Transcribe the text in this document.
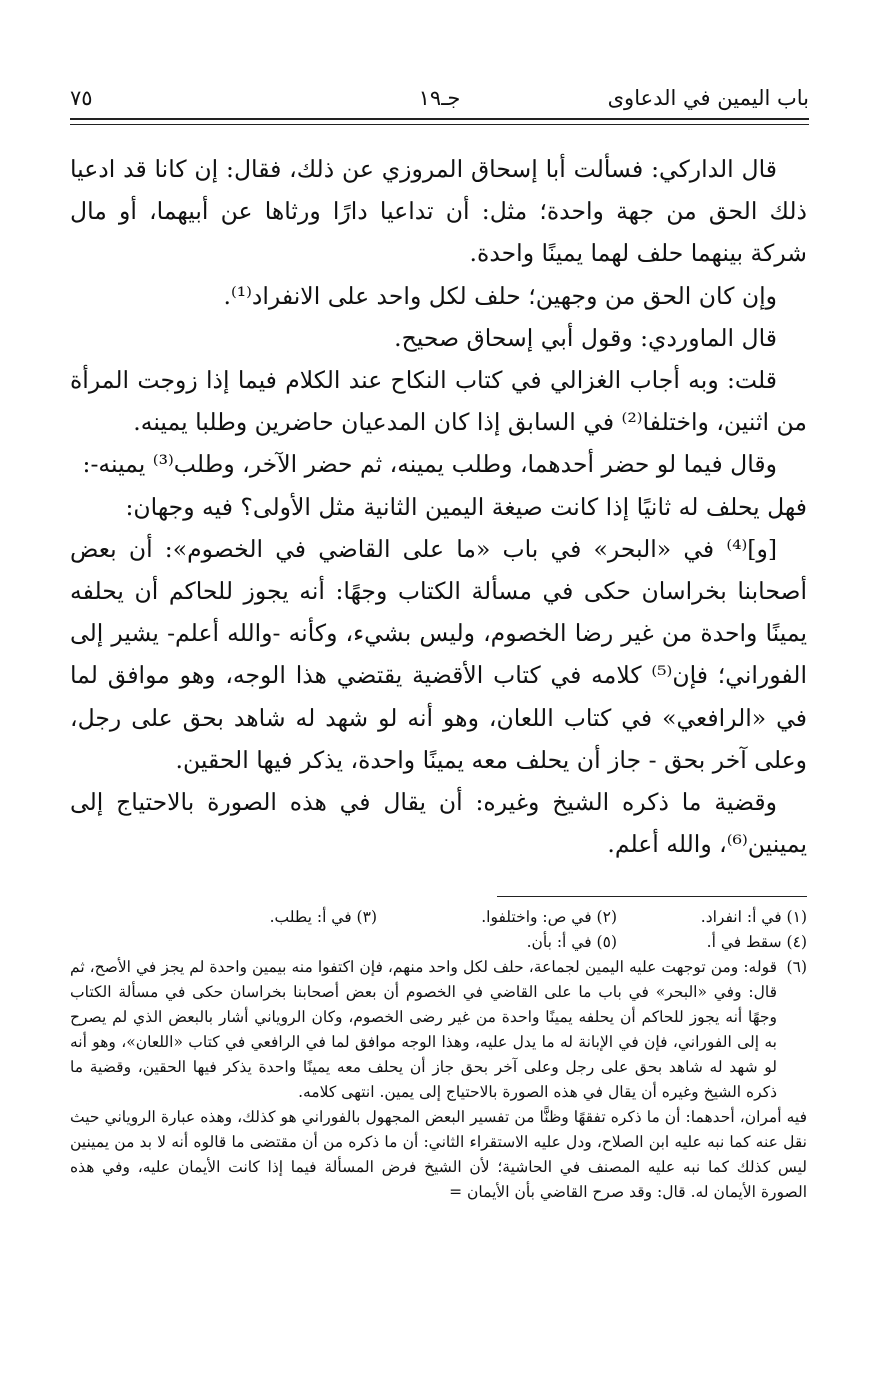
باب اليمين في الدعاوى
جـ١٩
٧٥

قال الداركي: فسألت أبا إسحاق المروزي عن ذلك، فقال: إن كانا قد ادعيا ذلك الحق من جهة واحدة؛ مثل: أن تداعيا دارًا ورثاها عن أبيهما، أو مال شركة بينهما حلف لهما يمينًا واحدة.

وإن كان الحق من وجهين؛ حلف لكل واحد على الانفراد⁽¹⁾.

قال الماوردي: وقول أبي إسحاق صحيح.

قلت: وبه أجاب الغزالي في كتاب النكاح عند الكلام فيما إذا زوجت المرأة من اثنين، واختلفا⁽²⁾ في السابق إذا كان المدعيان حاضرين وطلبا يمينه.

وقال فيما لو حضر أحدهما، وطلب يمينه، ثم حضر الآخر، وطلب⁽³⁾ يمينه-:

فهل يحلف له ثانيًا إذا كانت صيغة اليمين الثانية مثل الأولى؟ فيه وجهان:

[و]⁽⁴⁾ في «البحر» في باب «ما على القاضي في الخصوم»: أن بعض أصحابنا بخراسان حكى في مسألة الكتاب وجهًا: أنه يجوز للحاكم أن يحلفه يمينًا واحدة من غير رضا الخصوم، وليس بشيء، وكأنه -والله أعلم- يشير إلى الفوراني؛ فإن⁽⁵⁾ كلامه في كتاب الأقضية يقتضي هذا الوجه، وهو موافق لما في «الرافعي» في كتاب اللعان، وهو أنه لو شهد له شاهد بحق على رجل، وعلى آخر بحق - جاز أن يحلف معه يمينًا واحدة، يذكر فيها الحقين.

وقضية ما ذكره الشيخ وغيره: أن يقال في هذه الصورة بالاحتياج إلى يمينين⁽⁶⁾، والله أعلم.

(١) في أ: انفراد.
(٢) في ص: واختلفوا.
(٣) في أ: يطلب.
(٤) سقط في أ.
(٥) في أ: بأن.
(٦)
قوله: ومن توجهت عليه اليمين لجماعة، حلف لكل واحد منهم، فإن اكتفوا منه بيمين واحدة لم يجز في الأصح، ثم قال: وفي «البحر» في باب ما على القاضي في الخصوم أن بعض أصحابنا بخراسان حكى في مسألة الكتاب وجهًا أنه يجوز للحاكم أن يحلفه يمينًا واحدة من غير رضى الخصوم، وكان الروياني أشار بالبعض الذي لم يصرح به إلى الفوراني، فإن في الإبانة له ما يدل عليه، وهذا الوجه موافق لما في الرافعي في كتاب «اللعان»، وهو أنه لو شهد له شاهد بحق على رجل وعلى آخر بحق جاز أن يحلف معه يمينًا واحدة يذكر فيها الحقين، وقضية ما ذكره الشيخ وغيره أن يقال في هذه الصورة بالاحتياج إلى يمين. انتهى كلامه.
فيه أمران، أحدهما: أن ما ذكره تفقهًا وظنًّا من تفسير البعض المجهول بالفوراني هو كذلك، وهذه عبارة الروياني حيث نقل عنه كما نبه عليه ابن الصلاح، ودل عليه الاستقراء الثاني: أن ما ذكره من أن مقتضى ما قالوه أنه لا بد من يمينين ليس كذلك كما نبه عليه المصنف في الحاشية؛ لأن الشيخ فرض المسألة فيما إذا كانت الأيمان عليه، وفي هذه الصورة الأيمان له. قال: وقد صرح القاضي بأن الأيمان =
